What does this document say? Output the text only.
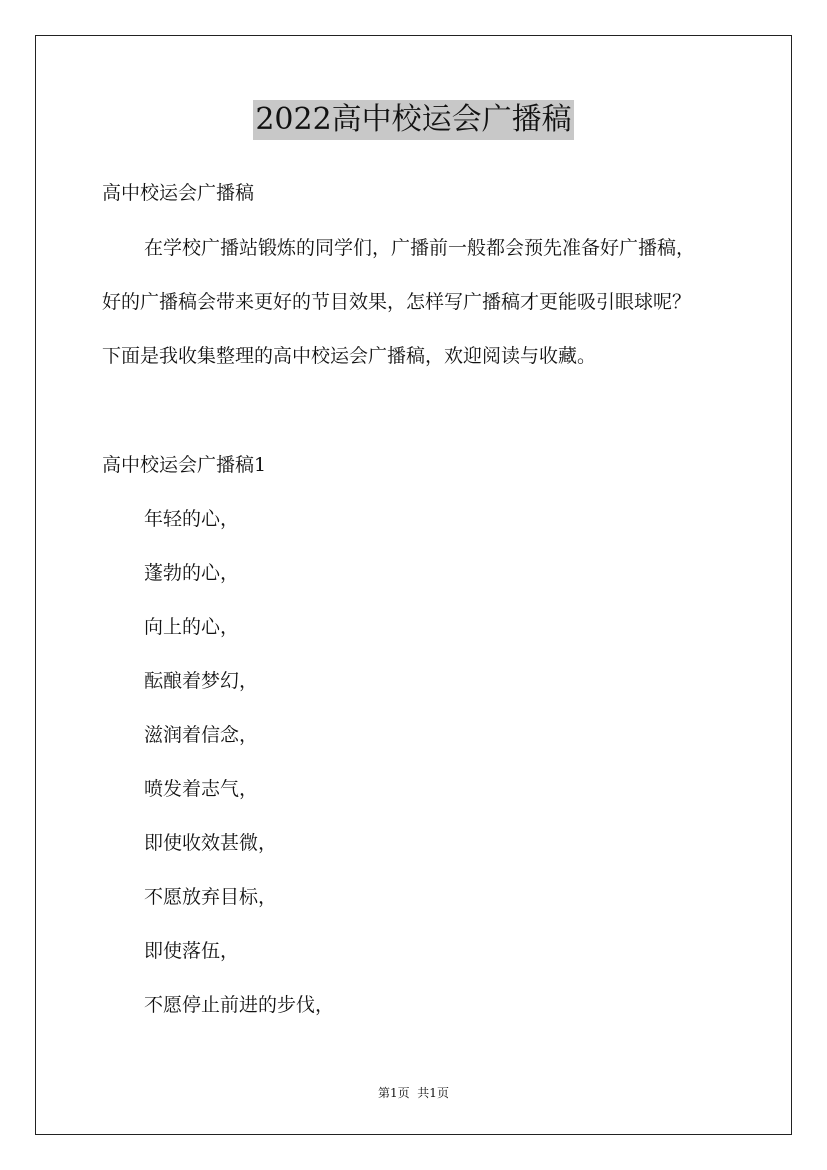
2022高中校运会广播稿
高中校运会广播稿
在学校广播站锻炼的同学们，广播前一般都会预先准备好广播稿，
好的广播稿会带来更好的节目效果，怎样写广播稿才更能吸引眼球呢？
下面是我收集整理的高中校运会广播稿，欢迎阅读与收藏。
高中校运会广播稿1
年轻的心，
蓬勃的心，
向上的心，
酝酿着梦幻，
滋润着信念，
喷发着志气，
即使收效甚微，
不愿放弃目标，
即使落伍，
不愿停止前进的步伐，
第1页  共1页
